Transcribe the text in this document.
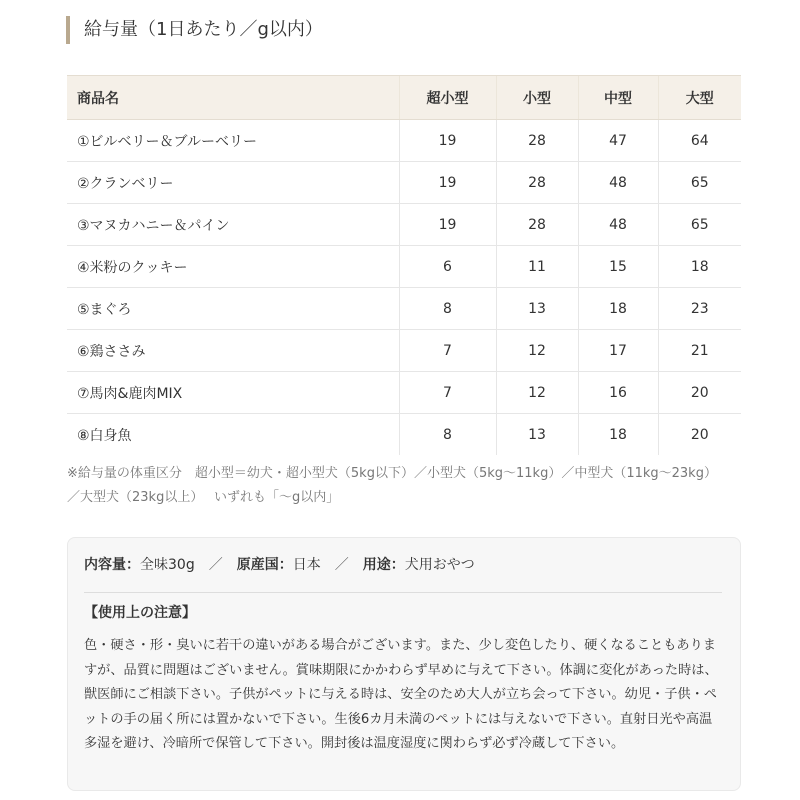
給与量（1日あたり／g以内）
商品名	超小型	小型	中型	大型
①ビルベリー＆ブルーベリー	19	28	47	64
②クランベリー	19	28	48	65
③マヌカハニー＆パイン	19	28	48	65
④米粉のクッキー	6	11	15	18
⑤まぐろ	8	13	18	23
⑥鶏ささみ	7	12	17	21
⑦馬肉&鹿肉MIX	7	12	16	20
⑧白身魚	8	13	18	20
※給与量の体重区分　超小型＝幼犬・超小型犬（5kg以下）／小型犬（5kg〜11kg）／中型犬（11kg〜23kg）／大型犬（23kg以上）　 いずれも「〜g以内」
内容量：全味30g ／ 原産国：日本 ／ 用途：犬用おやつ
【使用上の注意】
色・硬さ・形・臭いに若干の違いがある場合がございます。また、少し変色したり、硬くなることもありますが、品質に問題はございません。賞味期限にかかわらず早めに与えて下さい。体調に変化があった時は、獣医師にご相談下さい。子供がペットに与える時は、安全のため大人が立ち会って下さい。幼児・子供・ペットの手の届く所には置かないで下さい。生後6カ月未満のペットには与えないで下さい。直射日光や高温多湿を避け、冷暗所で保管して下さい。開封後は温度湿度に関わらず必ず冷蔵して下さい。
